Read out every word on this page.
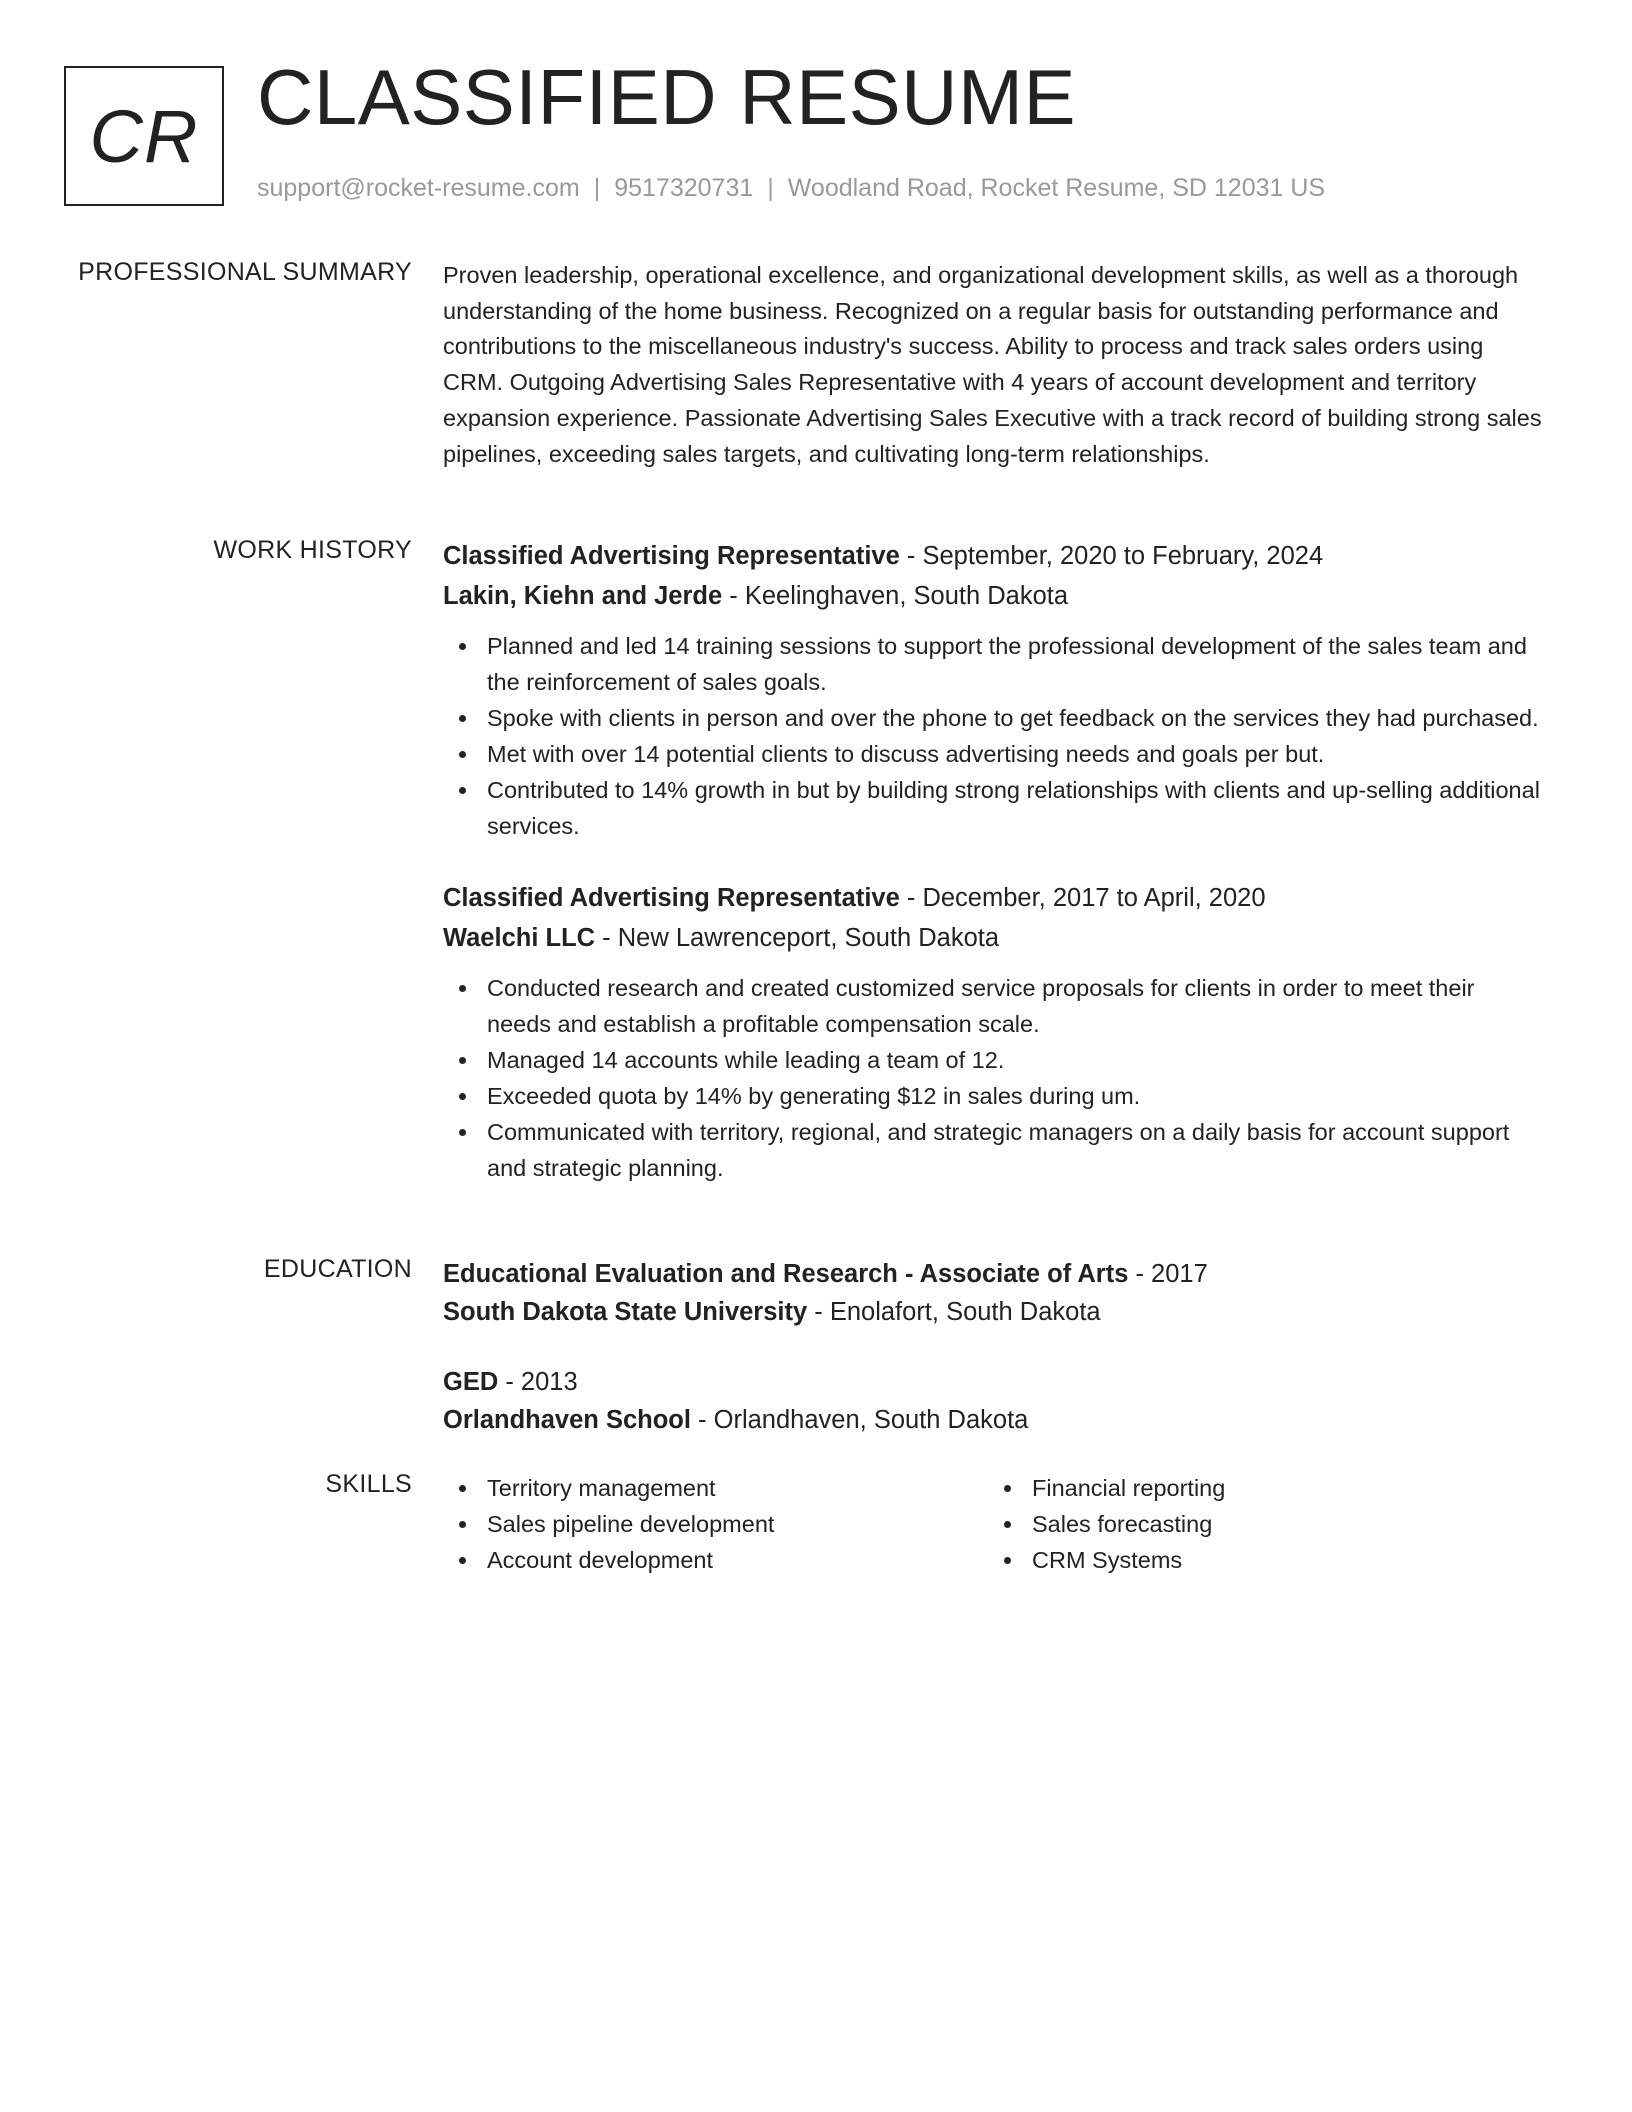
CR CLASSIFIED RESUME
support@rocket-resume.com | 9517320731 | Woodland Road, Rocket Resume, SD 12031 US
PROFESSIONAL SUMMARY Proven leadership, operational excellence, and organizational development skills, as well as a thorough understanding of the home business. Recognized on a regular basis for outstanding performance and contributions to the miscellaneous industry's success. Ability to process and track sales orders using CRM. Outgoing Advertising Sales Representative with 4 years of account development and territory expansion experience. Passionate Advertising Sales Executive with a track record of building strong sales pipelines, exceeding sales targets, and cultivating long-term relationships.

WORK HISTORY Classified Advertising Representative - September, 2020 to February, 2024
Lakin, Kiehn and Jerde - Keelinghaven, South Dakota
Planned and led 14 training sessions to support the professional development of the sales team and the reinforcement of sales goals.
Spoke with clients in person and over the phone to get feedback on the services they had purchased.
Met with over 14 potential clients to discuss advertising needs and goals per but.
Contributed to 14% growth in but by building strong relationships with clients and up-selling additional services.
Classified Advertising Representative - December, 2017 to April, 2020
Waelchi LLC - New Lawrenceport, South Dakota
Conducted research and created customized service proposals for clients in order to meet their needs and establish a profitable compensation scale.
Managed 14 accounts while leading a team of 12.
Exceeded quota by 14% by generating $12 in sales during um.
Communicated with territory, regional, and strategic managers on a daily basis for account support and strategic planning.
EDUCATION Educational Evaluation and Research - Associate of Arts - 2017
South Dakota State University - Enolafort, South Dakota
GED - 2013
Orlandhaven School - Orlandhaven, South Dakota
SKILLS	Territory management
Sales pipeline development
Account development
Financial reporting
Sales forecasting
CRM Systems
